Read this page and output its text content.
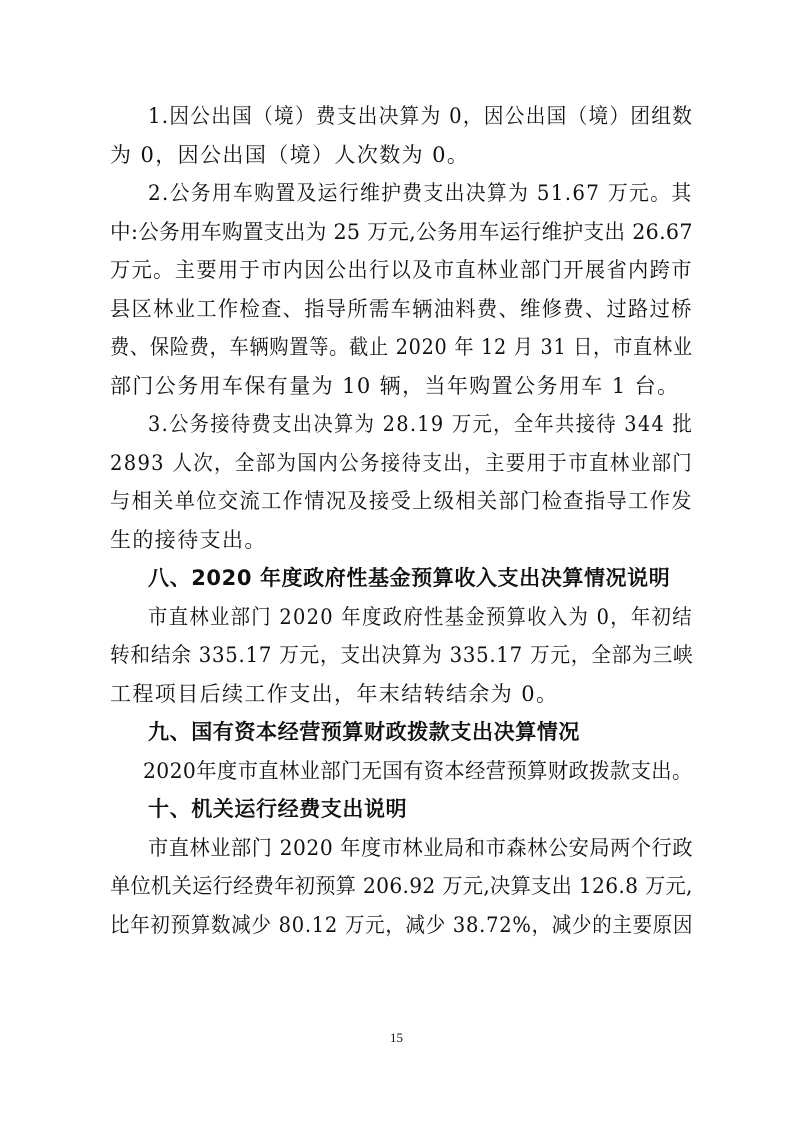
1.因公出国（境）费支出决算为 0，因公出国（境）团组数
为 0，因公出国（境）人次数为 0。
2.公务用车购置及运行维护费支出决算为 51.67 万元。其
中:公务用车购置支出为 25 万元,公务用车运行维护支出 26.67
万元。主要用于市内因公出行以及市直林业部门开展省内跨市
县区林业工作检查、指导所需车辆油料费、维修费、过路过桥
费、保险费，车辆购置等。截止 2020 年 12 月 31 日，市直林业
部门公务用车保有量为 10 辆，当年购置公务用车 1 台。
3.公务接待费支出决算为 28.19 万元，全年共接待 344 批
2893 人次，全部为国内公务接待支出，主要用于市直林业部门
与相关单位交流工作情况及接受上级相关部门检查指导工作发
生的接待支出。
八、2020 年度政府性基金预算收入支出决算情况说明
市直林业部门 2020 年度政府性基金预算收入为 0，年初结
转和结余 335.17 万元，支出决算为 335.17 万元，全部为三峡
工程项目后续工作支出，年末结转结余为 0。
九、国有资本经营预算财政拨款支出决算情况
2020年度市直林业部门无国有资本经营预算财政拨款支出。
十、机关运行经费支出说明
市直林业部门 2020 年度市林业局和市森林公安局两个行政
单位机关运行经费年初预算 206.92 万元,决算支出 126.8 万元,
比年初预算数减少 80.12 万元，减少 38.72%，减少的主要原因
15
